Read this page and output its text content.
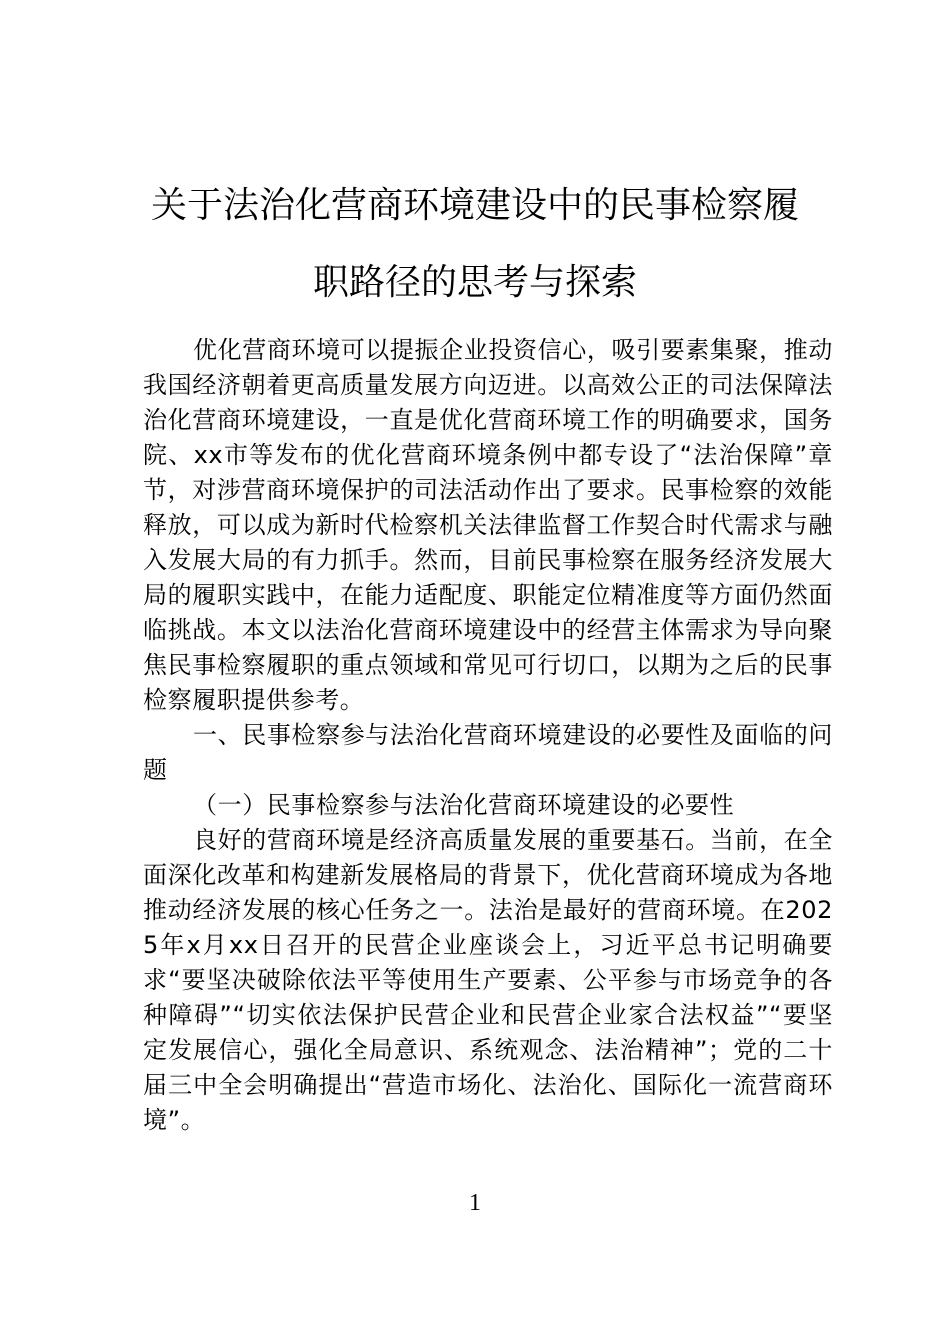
关于法治化营商环境建设中的民事检察履
职路径的思考与探索

优化营商环境可以提振企业投资信心，吸引要素集聚，推动我国经济朝着更高质量发展方向迈进。以高效公正的司法保障法治化营商环境建设，一直是优化营商环境工作的明确要求，国务院、xx市等发布的优化营商环境条例中都专设了“法治保障”章节，对涉营商环境保护的司法活动作出了要求。民事检察的效能释放，可以成为新时代检察机关法律监督工作契合时代需求与融入发展大局的有力抓手。然而，目前民事检察在服务经济发展大局的履职实践中，在能力适配度、职能定位精准度等方面仍然面临挑战。本文以法治化营商环境建设中的经营主体需求为导向聚焦民事检察履职的重点领域和常见可行切口，以期为之后的民事检察履职提供参考。

一、民事检察参与法治化营商环境建设的必要性及面临的问题

（一）民事检察参与法治化营商环境建设的必要性

良好的营商环境是经济高质量发展的重要基石。当前，在全面深化改革和构建新发展格局的背景下，优化营商环境成为各地推动经济发展的核心任务之一。法治是最好的营商环境。在2025年x月xx日召开的民营企业座谈会上，习近平总书记明确要求“要坚决破除依法平等使用生产要素、公平参与市场竞争的各种障碍”“切实依法保护民营企业和民营企业家合法权益”“要坚定发展信心，强化全局意识、系统观念、法治精神”；党的二十届三中全会明确提出“营造市场化、法治化、国际化一流营商环境”。

1
